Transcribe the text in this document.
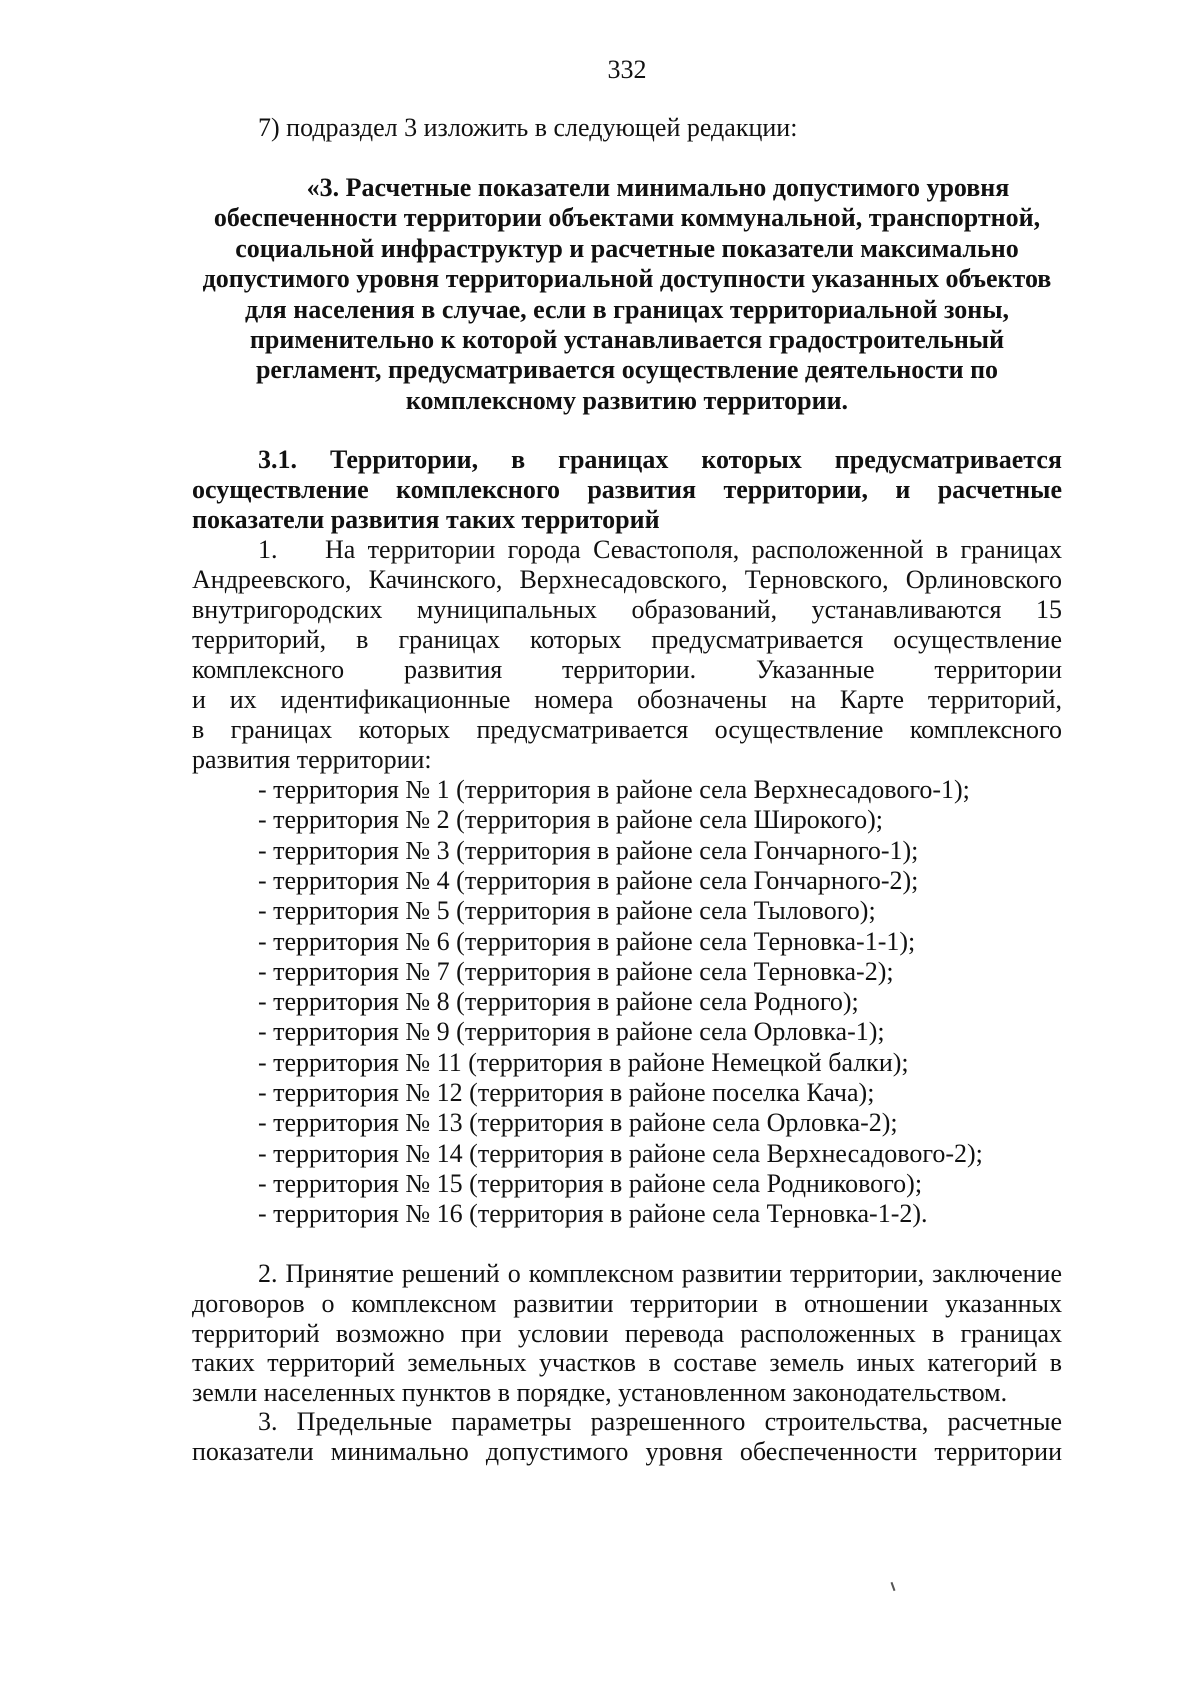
332
7) подраздел 3 изложить в следующей редакции:
«3. Расчетные показатели минимально допустимого уровня
обеспеченности территории объектами коммунальной, транспортной,
социальной инфраструктур и расчетные показатели максимально
допустимого уровня территориальной доступности указанных объектов
для населения в случае, если в границах территориальной зоны,
применительно к которой устанавливается градостроительный
регламент, предусматривается осуществление деятельности по
комплексному развитию территории.
3.1. Территории, в границах которых предусматривается
осуществление комплексного развития территории, и расчетные
показатели развития таких территорий
1. На территории города Севастополя, расположенной в границах
Андреевского, Качинского, Верхнесадовского, Терновского, Орлиновского
внутригородских муниципальных образований, устанавливаются 15
территорий, в границах которых предусматривается осуществление
комплексного развития территории. Указанные территории
и их идентификационные номера обозначены на Карте территорий,
в границах которых предусматривается осуществление комплексного
развития территории:
- территория № 1 (территория в районе села Верхнесадового-1);
- территория № 2 (территория в районе села Широкого);
- территория № 3 (территория в районе села Гончарного-1);
- территория № 4 (территория в районе села Гончарного-2);
- территория № 5 (территория в районе села Тылового);
- территория № 6 (территория в районе села Терновка-1-1);
- территория № 7 (территория в районе села Терновка-2);
- территория № 8 (территория в районе села Родного);
- территория № 9 (территория в районе села Орловка-1);
- территория № 11 (территория в районе Немецкой балки);
- территория № 12 (территория в районе поселка Кача);
- территория № 13 (территория в районе села Орловка-2);
- территория № 14 (территория в районе села Верхнесадового-2);
- территория № 15 (территория в районе села Родникового);
- территория № 16 (территория в районе села Терновка-1-2).
2. Принятие решений о комплексном развитии территории, заключение
договоров о комплексном развитии территории в отношении указанных
территорий возможно при условии перевода расположенных в границах
таких территорий земельных участков в составе земель иных категорий в
земли населенных пунктов в порядке, установленном законодательством.
3. Предельные параметры разрешенного строительства, расчетные
показатели минимально допустимого уровня обеспеченности территории
